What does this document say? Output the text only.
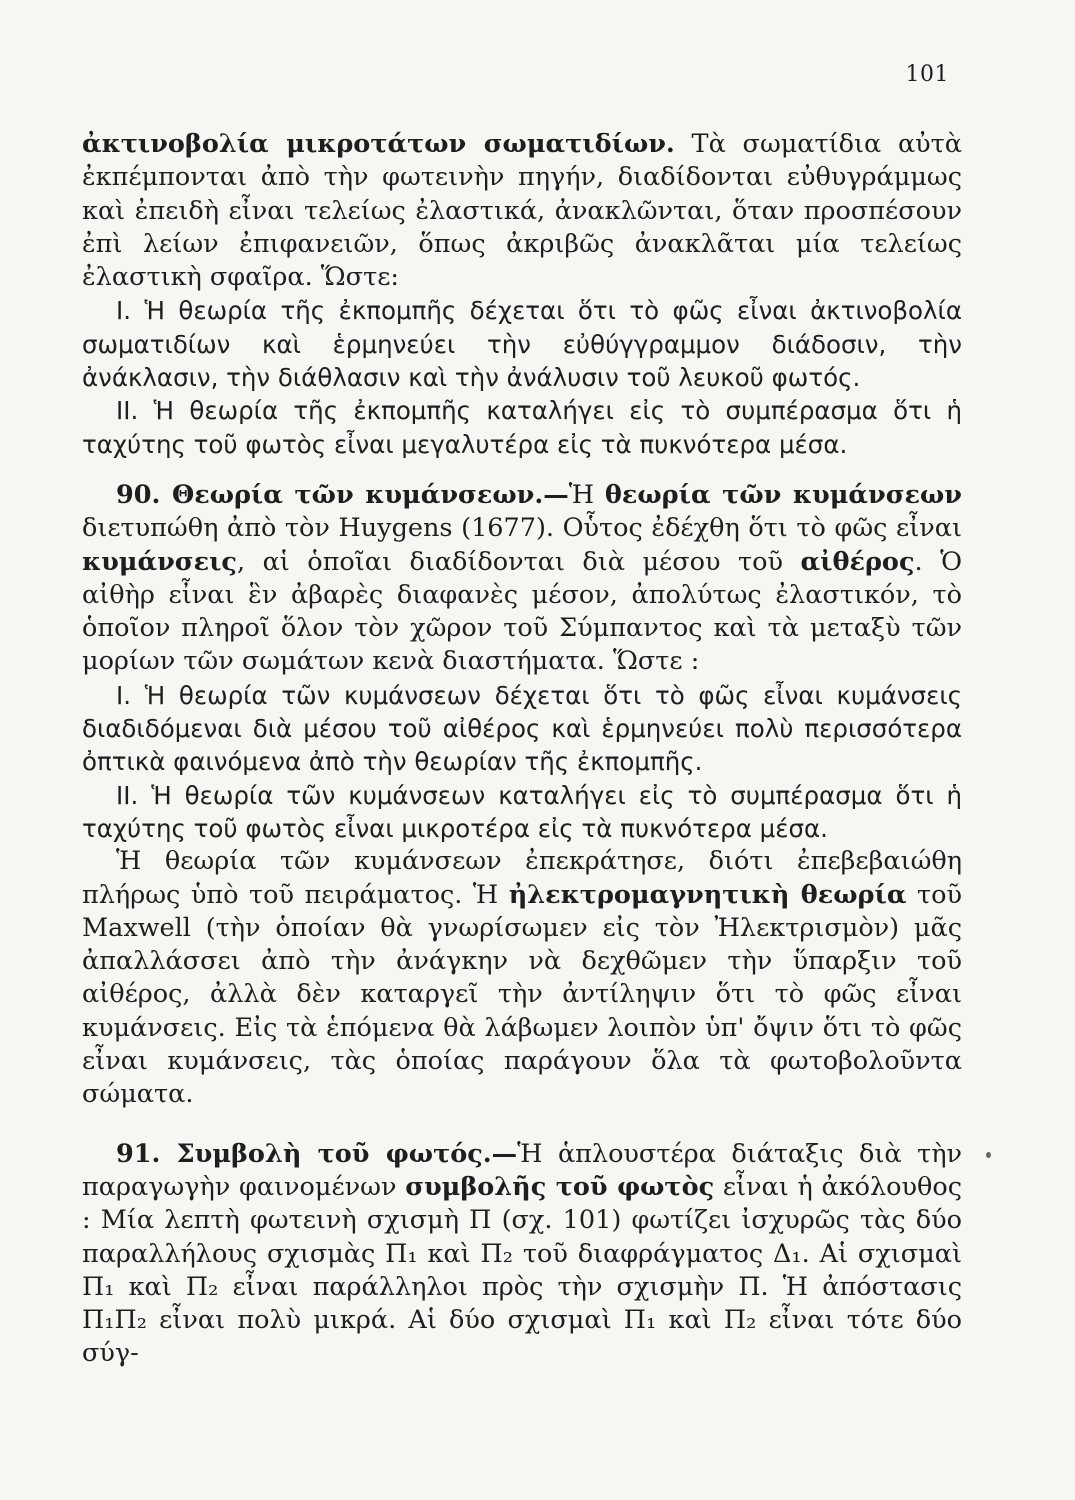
101

ἀκτινοβολία μικροτάτων σωματιδίων. Τὰ σωματίδια αὐτὰ ἐκπέμπονται ἀπὸ τὴν φωτεινὴν πηγήν, διαδίδονται εὐθυγράμμως καὶ ἐπειδὴ εἶναι τελείως ἐλαστικά, ἀνακλῶνται, ὅταν προσπέσουν ἐπὶ λείων ἐπιφανειῶν, ὅπως ἀκριβῶς ἀνακλᾶται μία τελείως ἐλαστικὴ σφαῖρα. Ὥστε:

Ι. Ἡ θεωρία τῆς ἐκπομπῆς δέχεται ὅτι τὸ φῶς εἶναι ἀκτινοβολία σωματιδίων καὶ ἑρμηνεύει τὴν εὐθύγγραμμον διάδοσιν, τὴν ἀνάκλασιν, τὴν διάθλασιν καὶ τὴν ἀνάλυσιν τοῦ λευκοῦ φωτός.

ΙΙ. Ἡ θεωρία τῆς ἐκπομπῆς καταλήγει εἰς τὸ συμπέρασμα ὅτι ἡ ταχύτης τοῦ φωτὸς εἶναι μεγαλυτέρα εἰς τὰ πυκνότερα μέσα.

90. Θεωρία τῶν κυμάνσεων.—Ἡ θεωρία τῶν κυμάνσεων διετυπώθη ἀπὸ τὸν Huygens (1677). Οὗτος ἐδέχθη ὅτι τὸ φῶς εἶναι κυμάνσεις, αἱ ὁποῖαι διαδίδονται διὰ μέσου τοῦ αἰθέρος. Ὁ αἰθὴρ εἶναι ἓν ἀβαρὲς διαφανὲς μέσον, ἀπολύτως ἐλαστικόν, τὸ ὁποῖον πληροῖ ὅλον τὸν χῶρον τοῦ Σύμπαντος καὶ τὰ μεταξὺ τῶν μορίων τῶν σωμάτων κενὰ διαστήματα. Ὥστε :

Ι. Ἡ θεωρία τῶν κυμάνσεων δέχεται ὅτι τὸ φῶς εἶναι κυμάνσεις διαδιδόμεναι διὰ μέσου τοῦ αἰθέρος καὶ ἑρμηνεύει πολὺ περισσότερα ὀπτικὰ φαινόμενα ἀπὸ τὴν θεωρίαν τῆς ἐκπομπῆς.

ΙΙ. Ἡ θεωρία τῶν κυμάνσεων καταλήγει εἰς τὸ συμπέρασμα ὅτι ἡ ταχύτης τοῦ φωτὸς εἶναι μικροτέρα εἰς τὰ πυκνότερα μέσα.

Ἡ θεωρία τῶν κυμάνσεων ἐπεκράτησε, διότι ἐπεβεβαιώθη πλήρως ὑπὸ τοῦ πειράματος. Ἡ ἠλεκτρομαγνητικὴ θεωρία τοῦ Maxwell (τὴν ὁποίαν θὰ γνωρίσωμεν εἰς τὸν Ἠλεκτρισμὸν) μᾶς ἀπαλλάσσει ἀπὸ τὴν ἀνάγκην νὰ δεχθῶμεν τὴν ὕπαρξιν τοῦ αἰθέρος, ἀλλὰ δὲν καταργεῖ τὴν ἀντίληψιν ὅτι τὸ φῶς εἶναι κυμάνσεις. Εἰς τὰ ἑπόμενα θὰ λάβωμεν λοιπὸν ὑπ' ὄψιν ὅτι τὸ φῶς εἶναι κυμάνσεις, τὰς ὁποίας παράγουν ὅλα τὰ φωτοβολοῦντα σώματα.

91. Συμβολὴ τοῦ φωτός.—Ἡ ἁπλουστέρα διάταξις διὰ τὴν παραγωγὴν φαινομένων συμβολῆς τοῦ φωτὸς εἶναι ἡ ἀκόλουθος : Μία λεπτὴ φωτεινὴ σχισμὴ Π (σχ. 101) φωτίζει ἰσχυρῶς τὰς δύο παραλλήλους σχισμὰς Π₁ καὶ Π₂ τοῦ διαφράγματος Δ₁. Αἱ σχισμαὶ Π₁ καὶ Π₂ εἶναι παράλληλοι πρὸς τὴν σχισμὴν Π. Ἡ ἀπόστασις Π₁Π₂ εἶναι πολὺ μικρά. Αἱ δύο σχισμαὶ Π₁ καὶ Π₂ εἶναι τότε δύο σύγ-
